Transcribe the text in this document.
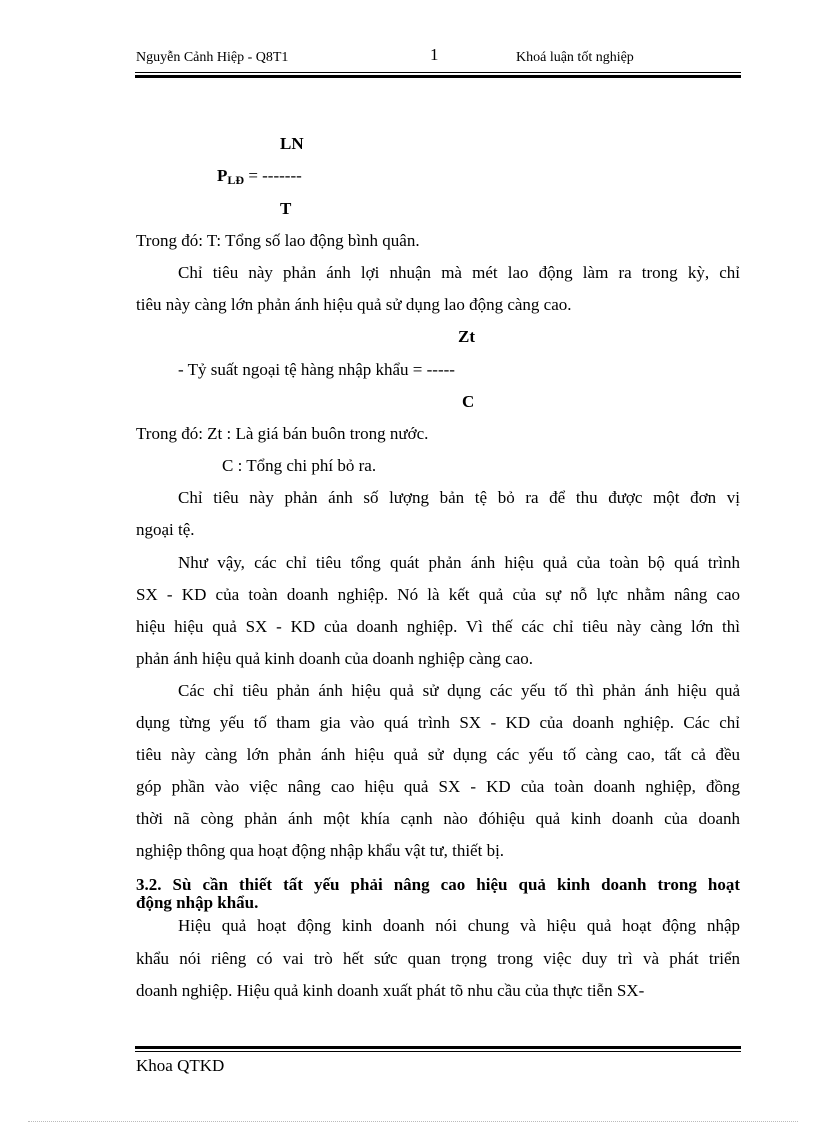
Nguyễn Cảnh Hiệp - Q8T1	1	Khoá luận tốt nghiệp
LN
PLĐ = -------
T
Trong đó: T: Tổng số lao động bình quân.
Chỉ tiêu này phản ánh lợi nhuận mà mét lao động làm ra trong kỳ, chỉ
tiêu này càng lớn phản ánh hiệu quả sử dụng lao động càng cao.
Zt
- Tỷ suất ngoại tệ hàng nhập khẩu = -----
C
Trong đó: Zt : Là giá bán buôn trong nước.
C : Tổng chi phí bỏ ra.
Chỉ tiêu này phản ánh số lượng bản tệ bỏ ra để thu được một đơn vị
ngoại tệ.
Như vậy, các chỉ tiêu tổng quát phản ánh hiệu quả của toàn bộ quá trình
SX - KD của toàn doanh nghiệp. Nó là kết quả của sự nỗ lực nhằm nâng cao
hiệu hiệu quả SX - KD của doanh nghiệp. Vì thế các chỉ tiêu này càng lớn thì
phản ánh hiệu quả kinh doanh của doanh nghiệp càng cao.
Các chỉ tiêu phản ánh hiệu quả sử dụng các yếu tố thì phản ánh hiệu quả
dụng từng yếu tố tham gia vào quá trình SX - KD của doanh nghiệp. Các chỉ
tiêu này càng lớn phản ánh hiệu quả sử dụng các yếu tố càng cao, tất cả đều
góp phần vào việc nâng cao hiệu quả SX - KD của toàn doanh nghiệp, đồng
thời nã còng phản ánh một khía cạnh nào đóhiệu quả kinh doanh của doanh
nghiệp thông qua hoạt động nhập khẩu vật tư, thiết bị.
3.2. Sù cần thiết tất yếu phải nâng cao hiệu quả kinh doanh trong hoạt
động nhập khẩu.
Hiệu quả hoạt động kinh doanh nói chung và hiệu quả hoạt động nhập
khẩu nói riêng có vai trò hết sức quan trọng trong việc duy trì và phát triển
doanh nghiệp. Hiệu quả kinh doanh xuất phát tõ nhu cầu của thực tiễn SX-
Khoa QTKD
